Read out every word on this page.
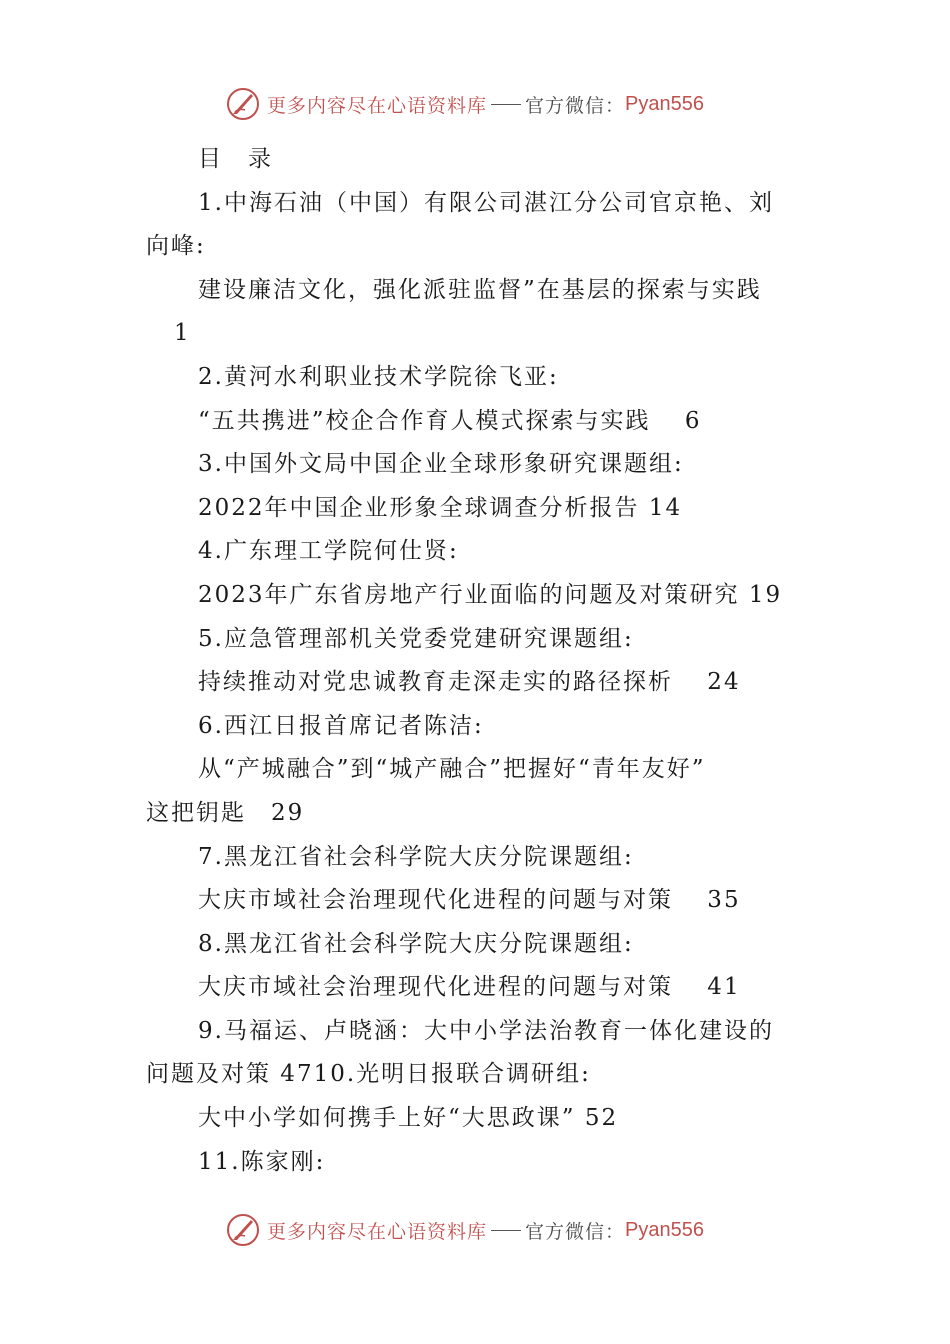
更多内容尽在心语资料库 官方微信： Pyan556
目　录
1.中海石油（中国）有限公司湛江分公司官京艳、刘
向峰:
建设廉洁文化，强化派驻监督”在基层的探索与实践
1
2.黄河水利职业技术学院徐飞亚:
“五共携进”校企合作育人模式探索与实践　 6
3.中国外文局中国企业全球形象研究课题组:
2022年中国企业形象全球调查分析报告 14
4.广东理工学院何仕贤:
2023年广东省房地产行业面临的问题及对策研究 19
5.应急管理部机关党委党建研究课题组:
持续推动对党忠诚教育走深走实的路径探析　 24
6.西江日报首席记者陈洁:
从“产城融合”到“城产融合”把握好“青年友好”
这把钥匙　29
7.黑龙江省社会科学院大庆分院课题组:
大庆市域社会治理现代化进程的问题与对策　 35
8.黑龙江省社会科学院大庆分院课题组:
大庆市域社会治理现代化进程的问题与对策　 41
9.马福运、卢晓涵：大中小学法治教育一体化建设的
问题及对策 4710.光明日报联合调研组:
大中小学如何携手上好“大思政课” 52
11.陈家刚:
更多内容尽在心语资料库 官方微信： Pyan556
